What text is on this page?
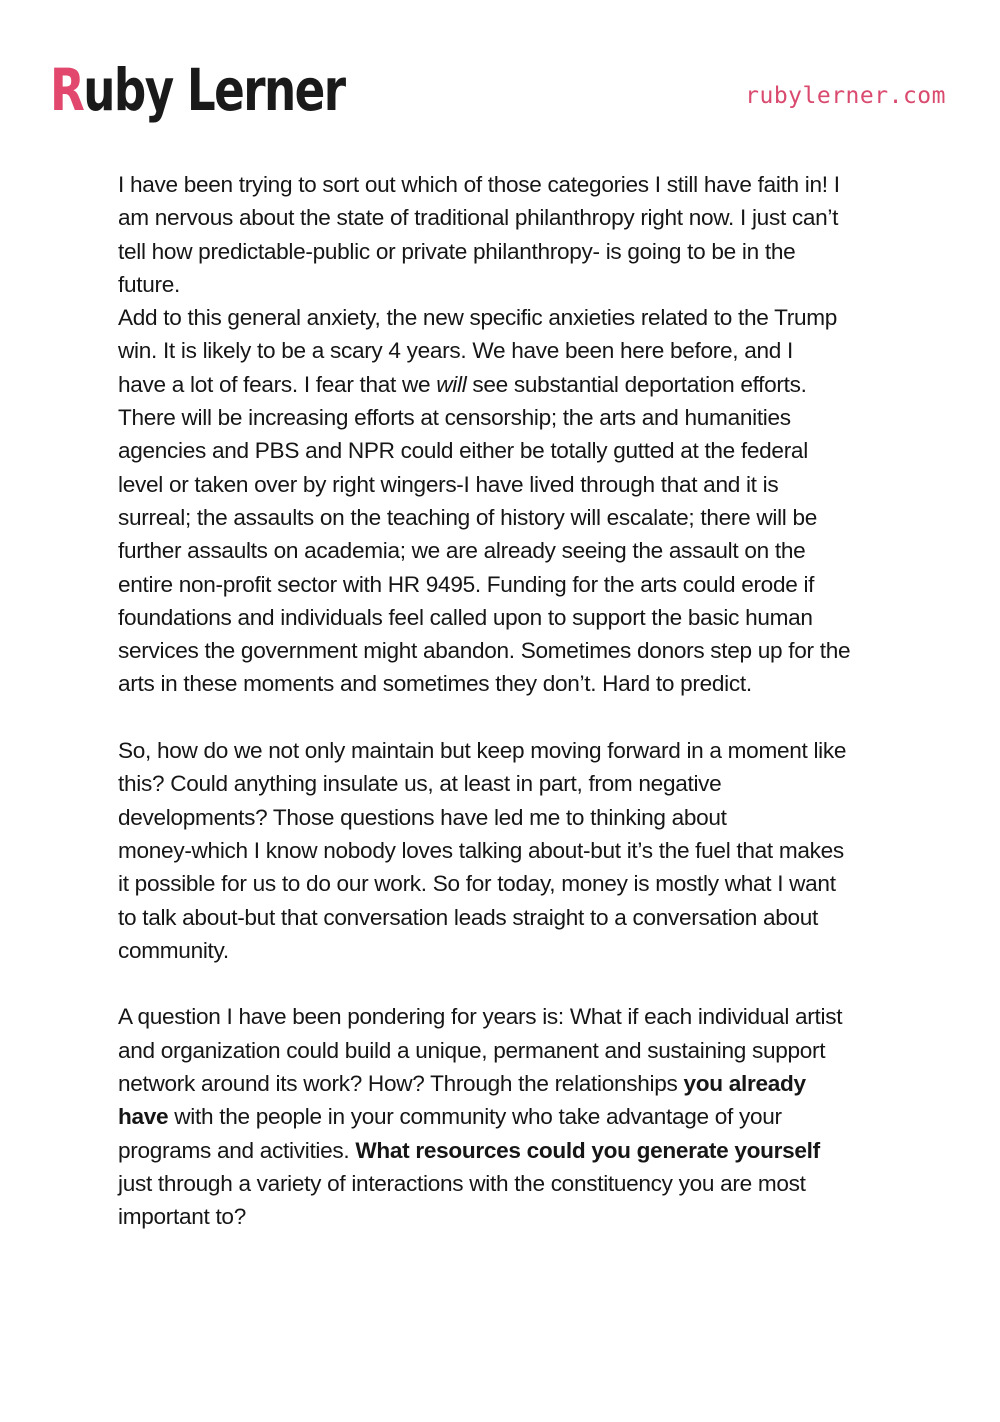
Ruby Lerner	rubylerner.com
I have been trying to sort out which of those categories I still have faith in! I
am nervous about the state of traditional philanthropy right now. I just can’t
tell how predictable-public or private philanthropy- is going to be in the
future.
Add to this general anxiety, the new specific anxieties related to the Trump
win. It is likely to be a scary 4 years. We have been here before, and I
have a lot of fears. I fear that we will see substantial deportation efforts.
There will be increasing efforts at censorship; the arts and humanities
agencies and PBS and NPR could either be totally gutted at the federal
level or taken over by right wingers-I have lived through that and it is
surreal; the assaults on the teaching of history will escalate; there will be
further assaults on academia; we are already seeing the assault on the
entire non-profit sector with HR 9495. Funding for the arts could erode if
foundations and individuals feel called upon to support the basic human
services the government might abandon. Sometimes donors step up for the
arts in these moments and sometimes they don’t. Hard to predict.
So, how do we not only maintain but keep moving forward in a moment like
this? Could anything insulate us, at least in part, from negative
developments? Those questions have led me to thinking about
money-which I know nobody loves talking about-but it’s the fuel that makes
it possible for us to do our work. So for today, money is mostly what I want
to talk about-but that conversation leads straight to a conversation about
community.
A question I have been pondering for years is: What if each individual artist
and organization could build a unique, permanent and sustaining support
network around its work? How? Through the relationships you already
have with the people in your community who take advantage of your
programs and activities. What resources could you generate yourself
just through a variety of interactions with the constituency you are most
important to?
